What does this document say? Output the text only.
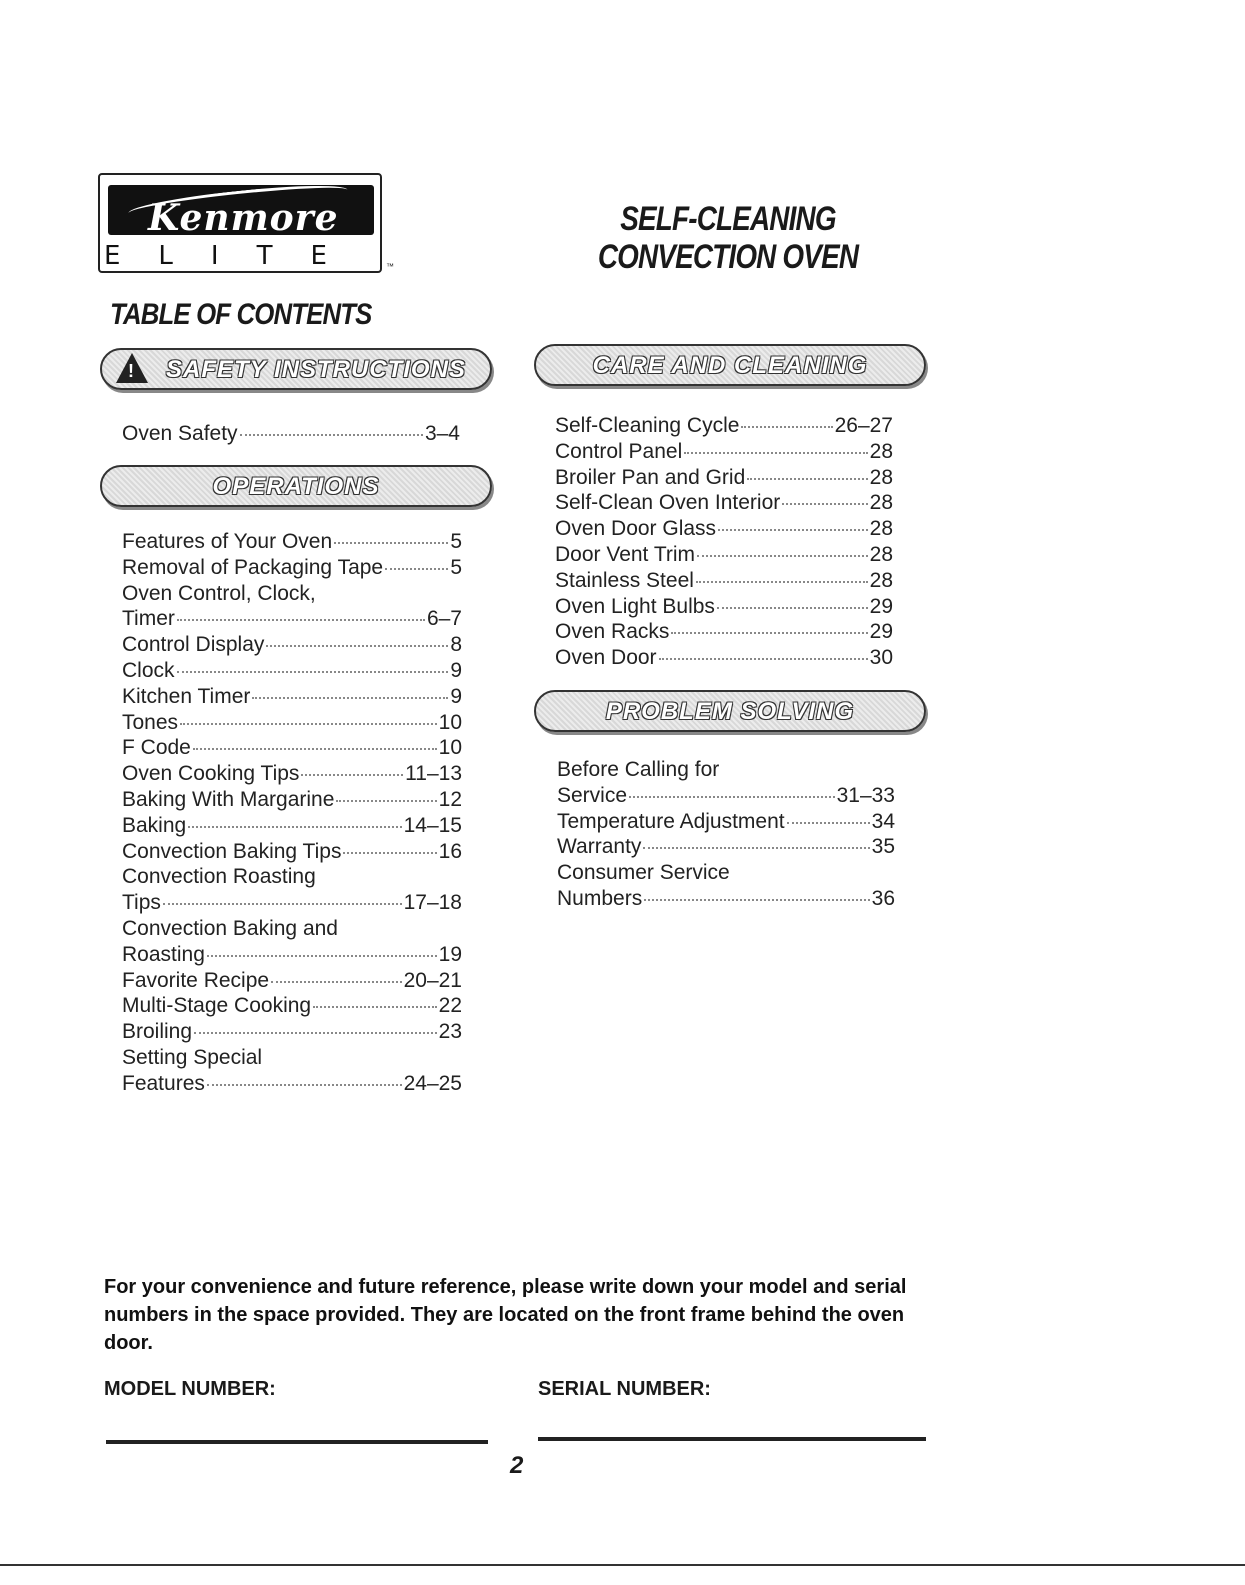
Kenmore
ELITE	™
SELF-CLEANING
CONVECTION OVEN
TABLE OF CONTENTS
!	SAFETY INSTRUCTIONS
OPERATIONS
CARE AND CLEANING
PROBLEM SOLVING
Oven Safety	3–4
Features of Your Oven	5
Removal of Packaging Tape	5
Oven Control, Clock,
Timer	6–7
Control Display	8
Clock	9
Kitchen Timer	9
Tones	10
F Code	10
Oven Cooking Tips	11–13
Baking With Margarine	12
Baking	14–15
Convection Baking Tips	16
Convection Roasting
Tips	17–18
Convection Baking and
Roasting	19
Favorite Recipe	20–21
Multi-Stage Cooking	22
Broiling	23
Setting Special
Features	24–25
Self-Cleaning Cycle	26–27
Control Panel	28
Broiler Pan and Grid	28
Self-Clean Oven Interior	28
Oven Door Glass	28
Door Vent Trim	28
Stainless Steel	28
Oven Light Bulbs	29
Oven Racks	29
Oven Door	30
Before Calling for
Service	31–33
Temperature Adjustment	34
Warranty	35
Consumer Service
Numbers	36
For your convenience and future reference, please write down your model and serial numbers in the space provided. They are located on the front frame behind the oven door.
MODEL NUMBER:	SERIAL NUMBER:
2
